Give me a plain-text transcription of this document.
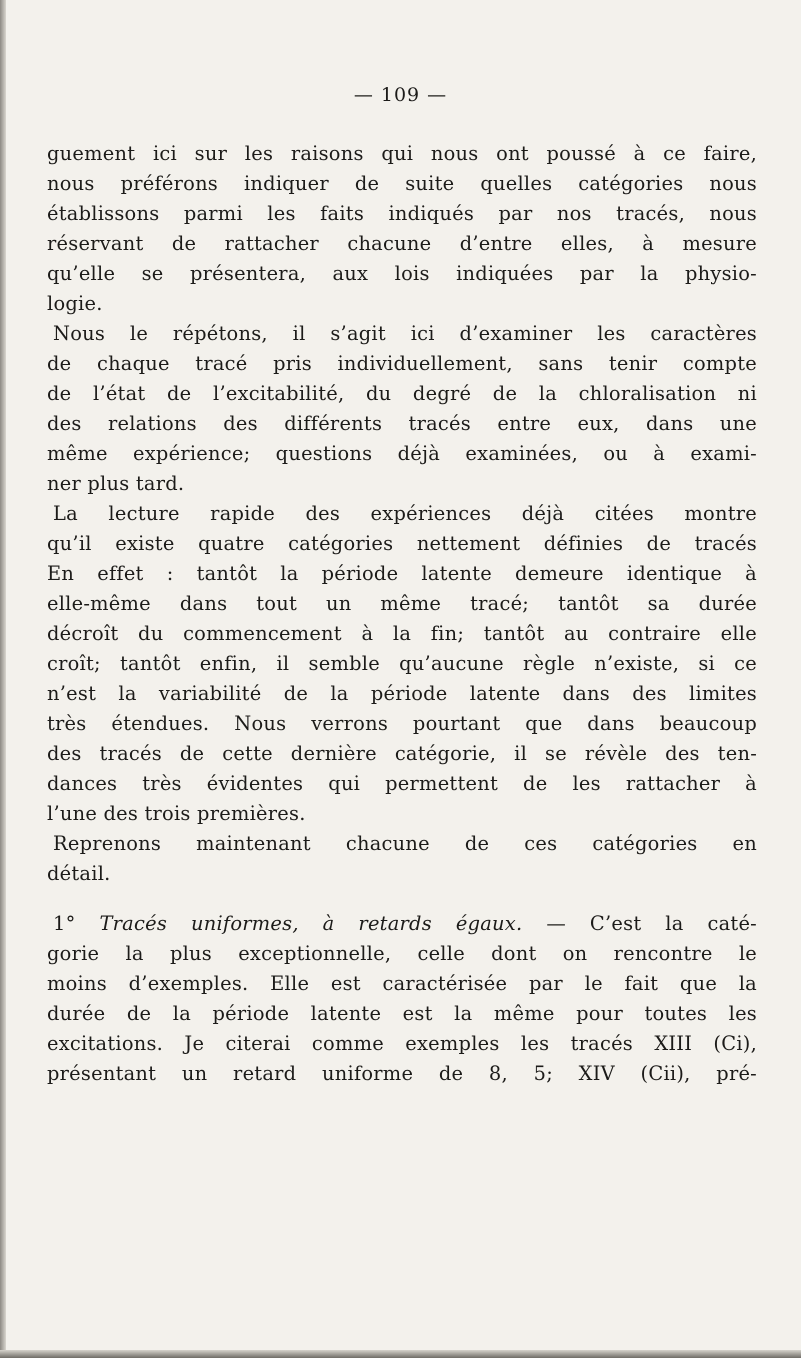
— 109 —
guement ici sur les raisons qui nous ont poussé à ce faire,
nous préférons indiquer de suite quelles catégories nous
établissons parmi les faits indiqués par nos tracés, nous
réservant de rattacher chacune d’entre elles, à mesure
qu’elle se présentera, aux lois indiquées par la physio-
logie.
Nous le répétons, il s’agit ici d’examiner les caractères
de chaque tracé pris individuellement, sans tenir compte
de l’état de l’excitabilité, du degré de la chloralisation ni
des relations des différents tracés entre eux, dans une
même expérience; questions déjà examinées, ou à exami-
ner plus tard.
La lecture rapide des expériences déjà citées montre
qu’il existe quatre catégories nettement définies de tracés
En effet : tantôt la période latente demeure identique à
elle-même dans tout un même tracé; tantôt sa durée
décroît du commencement à la fin; tantôt au contraire elle
croît; tantôt enfin, il semble qu’aucune règle n’existe, si ce
n’est la variabilité de la période latente dans des limites
très étendues. Nous verrons pourtant que dans beaucoup
des tracés de cette dernière catégorie, il se révèle des ten-
dances très évidentes qui permettent de les rattacher à
l’une des trois premières.
Reprenons maintenant chacune de ces catégories en
détail.
1° Tracés uniformes, à retards égaux. — C’est la caté-
gorie la plus exceptionnelle, celle dont on rencontre le
moins d’exemples. Elle est caractérisée par le fait que la
durée de la période latente est la même pour toutes les
excitations. Je citerai comme exemples les tracés XIII (Ci),
présentant un retard uniforme de 8, 5; XIV (Cii), pré-
